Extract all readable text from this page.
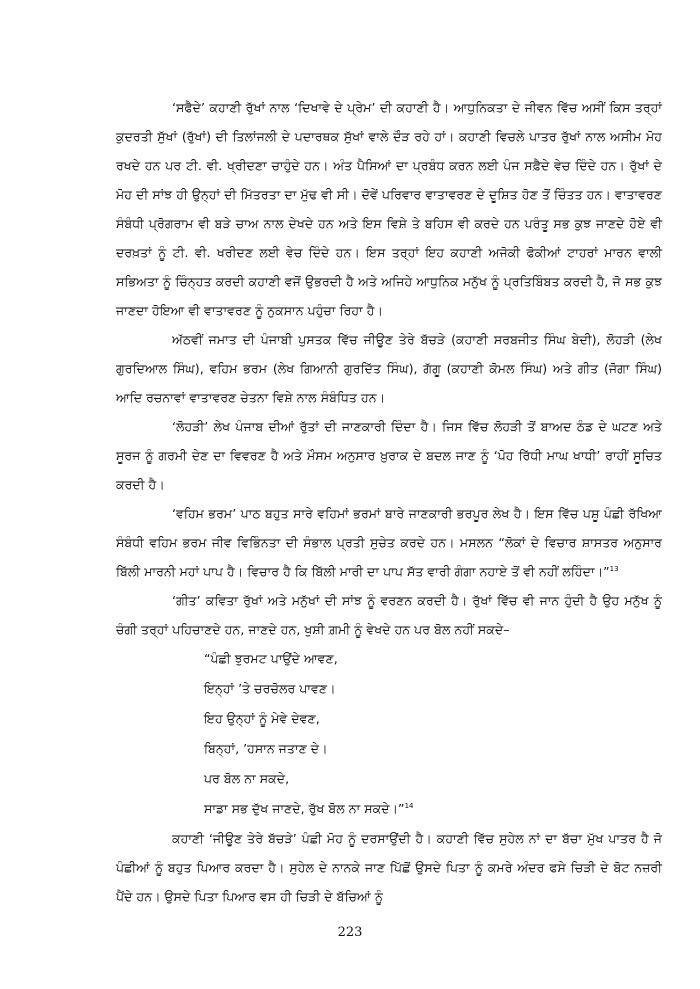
‘ਸਫੈਦੇ’ ਕਹਾਣੀ ਰੁੱਖਾਂ ਨਾਲ ‘ਦਿਖਾਵੇ ਦੇ ਪ੍ਰੇਮ’ ਦੀ ਕਹਾਣੀ ਹੈ। ਆਧੁਨਿਕਤਾ ਦੇ ਜੀਵਨ ਵਿੱਚ ਅਸੀਂ ਕਿਸ ਤਰ੍ਹਾਂ ਕੁਦਰਤੀ ਸੁੱਖਾਂ (ਰੁੱਖਾਂ) ਦੀ ਤਿਲਾਂਜਲੀ ਦੇ ਪਦਾਰਥਕ ਸੁੱਖਾਂ ਵਾਲੇ ਦੌੜ ਰਹੇ ਹਾਂ। ਕਹਾਣੀ ਵਿਚਲੇ ਪਾਤਰ ਰੁੱਖਾਂ ਨਾਲ ਅਸੀਮ ਮੋਹ ਰਖਦੇ ਹਨ ਪਰ ਟੀ. ਵੀ. ਖ੍ਰੀਦਣਾ ਚਾਹੁੰਦੇ ਹਨ। ਅੰਤ ਪੈਸਿਆਂ ਦਾ ਪ੍ਰਬੰਧ ਕਰਨ ਲਈ ਪੰਜ ਸਫ਼ੈਦੇ ਵੇਚ ਦਿੰਦੇ ਹਨ। ਰੁੱਖਾਂ ਦੇ ਮੋਹ ਦੀ ਸਾਂਝ ਹੀ ਉਨ੍ਹਾਂ ਦੀ ਮਿੱਤਰਤਾ ਦਾ ਮੁੱਢ ਵੀ ਸੀ। ਦੋਵੇਂ ਪਰਿਵਾਰ ਵਾਤਾਵਰਣ ਦੇ ਦੂਸ਼ਿਤ ਹੋਣ ਤੋਂ ਚਿੰਤਤ ਹਨ। ਵਾਤਾਵਰਣ ਸੰਬੰਧੀ ਪ੍ਰੋਗਰਾਮ ਵੀ ਬੜੇ ਚਾਅ ਨਾਲ ਦੇਖਦੇ ਹਨ ਅਤੇ ਇਸ ਵਿਸ਼ੇ ਤੇ ਬਹਿਸ ਵੀ ਕਰਦੇ ਹਨ ਪਰੰਤੂ ਸਭ ਕੁਝ ਜਾਣਦੇ ਹੋਏ ਵੀ ਦਰਖ਼ਤਾਂ ਨੂੰ ਟੀ. ਵੀ. ਖਰੀਦਣ ਲਈ ਵੇਚ ਦਿੰਦੇ ਹਨ। ਇਸ ਤਰ੍ਹਾਂ ਇਹ ਕਹਾਣੀ ਅਜੋਕੀ ਫੋਕੀਆਂ ਟਾਹਰਾਂ ਮਾਰਨ ਵਾਲੀ ਸਭਿਅਤਾ ਨੂੰ ਚਿੰਨ੍ਹਤ ਕਰਦੀ ਕਹਾਣੀ ਵਜੋਂ ਉਭਰਦੀ ਹੈ ਅਤੇ ਅਜਿਹੇ ਆਧੁਨਿਕ ਮਨੁੱਖ ਨੂੰ ਪ੍ਰਤਿਬਿੰਬਤ ਕਰਦੀ ਹੈ, ਜੋ ਸਭ ਕੁਝ ਜਾਣਦਾ ਹੋਇਆ ਵੀ ਵਾਤਾਵਰਣ ਨੂੰ ਨੁਕਸਾਨ ਪਹੁੰਚਾ ਰਿਹਾ ਹੈ।

ਅੱਠਵੀਂ ਜਮਾਤ ਦੀ ਪੰਜਾਬੀ ਪੁਸਤਕ ਵਿੱਚ ਜੀਊਣ ਤੇਰੇ ਬੱਚੜੇ (ਕਹਾਣੀ ਸਰਬਜੀਤ ਸਿੰਘ ਬੇਦੀ), ਲੋਹੜੀ (ਲੇਖ ਗੁਰਦਿਆਲ ਸਿੰਘ), ਵਹਿਮ ਭਰਮ (ਲੇਖ ਗਿਆਨੀ ਗੁਰਦਿੱਤ ਸਿੰਘ), ਗੱਗੂ (ਕਹਾਣੀ ਕੋਮਲ ਸਿੰਘ) ਅਤੇ ਗੀਤ (ਜੋਗਾ ਸਿੰਘ) ਆਦਿ ਰਚਨਾਵਾਂ ਵਾਤਾਵਰਣ ਚੇਤਨਾ ਵਿਸ਼ੇ ਨਾਲ ਸੰਬੰਧਿਤ ਹਨ।

‘ਲੋਹੜੀ’ ਲੇਖ ਪੰਜਾਬ ਦੀਆਂ ਰੁੱਤਾਂ ਦੀ ਜਾਣਕਾਰੀ ਦਿੰਦਾ ਹੈ। ਜਿਸ ਵਿੱਚ ਲੋਹੜੀ ਤੋਂ ਬਾਅਦ ਠੰਡ ਦੇ ਘਟਣ ਅਤੇ ਸੂਰਜ ਨੂੰ ਗਰਮੀ ਦੇਣ ਦਾ ਵਿਵਰਣ ਹੈ ਅਤੇ ਮੌਸਮ ਅਨੁਸਾਰ ਖ਼ੁਰਾਕ ਦੇ ਬਦਲ ਜਾਣ ਨੂੰ ‘ਪੋਹ ਰਿੱਧੀ ਮਾਘ ਖਾਧੀ’ ਰਾਹੀਂ ਸੂਚਿਤ ਕਰਦੀ ਹੈ।

‘ਵਹਿਮ ਭਰਮ’ ਪਾਠ ਬਹੁਤ ਸਾਰੇ ਵਹਿਮਾਂ ਭਰਮਾਂ ਬਾਰੇ ਜਾਣਕਾਰੀ ਭਰਪੂਰ ਲੇਖ ਹੈ। ਇਸ ਵਿੱਚ ਪਸ਼ੂ ਪੰਛੀ ਰੱਖਿਆ ਸੰਬੰਧੀ ਵਹਿਮ ਭਰਮ ਜੀਵ ਵਿਭਿੰਨਤਾ ਦੀ ਸੰਭਾਲ ਪ੍ਰਤੀ ਸੁਚੇਤ ਕਰਦੇ ਹਨ। ਮਸਲਨ “ਲੋਕਾਂ ਦੇ ਵਿਚਾਰ ਸ਼ਾਸਤਰ ਅਨੁਸਾਰ ਬਿੱਲੀ ਮਾਰਨੀ ਮਹਾਂ ਪਾਪ ਹੈ। ਵਿਚਾਰ ਹੈ ਕਿ ਬਿੱਲੀ ਮਾਰੀ ਦਾ ਪਾਪ ਸੱਤ ਵਾਰੀ ਗੰਗਾ ਨਹਾਏ ਤੋਂ ਵੀ ਨਹੀਂ ਲਹਿੰਦਾ।”$^{13}$

‘ਗੀਤ’ ਕਵਿਤਾ ਰੁੱਖਾਂ ਅਤੇ ਮਨੁੱਖਾਂ ਦੀ ਸਾਂਝ ਨੂੰ ਵਰਣਨ ਕਰਦੀ ਹੈ। ਰੁੱਖਾਂ ਵਿੱਚ ਵੀ ਜਾਨ ਹੁੰਦੀ ਹੈ ਉਹ ਮਨੁੱਖ ਨੂੰ ਚੰਗੀ ਤਰ੍ਹਾਂ ਪਹਿਚਾਣਦੇ ਹਨ, ਜਾਣਦੇ ਹਨ, ਖੁਸ਼ੀ ਗ਼ਮੀ ਨੂੰ ਵੇਖਦੇ ਹਨ ਪਰ ਬੋਲ ਨਹੀਂ ਸਕਦੇ–

“ਪੰਛੀ ਝੁਰਮਟ ਪਾਉਂਦੇ ਆਵਣ,
ਇਨ੍ਹਾਂ ’ਤੇ ਚਰਚੋਲਰ ਪਾਵਣ।
ਇਹ ਉਨ੍ਹਾਂ ਨੂੰ ਮੇਵੇ ਦੇਵਣ,
ਬਿਨ੍ਹਾਂ, ’ਹਸਾਨ ਜਤਾਣ ਦੇ।
ਪਰ ਬੋਲ ਨਾ ਸਕਦੇ,
ਸਾਡਾ ਸਭ ਦੁੱਖ ਜਾਣਦੇ, ਰੁੱਖ ਬੋਲ ਨਾ ਸਕਦੇ।”$^{14}$

ਕਹਾਣੀ ‘ਜੀਊਣ ਤੇਰੇ ਬੱਚੜੇ’ ਪੰਛੀ ਮੋਹ ਨੂੰ ਦਰਸਾਉਂਦੀ ਹੈ। ਕਹਾਣੀ ਵਿੱਚ ਸੁਹੇਲ ਨਾਂ ਦਾ ਬੱਚਾ ਮੁੱਖ ਪਾਤਰ ਹੈ ਜੋ ਪੰਛੀਆਂ ਨੂੰ ਬਹੁਤ ਪਿਆਰ ਕਰਦਾ ਹੈ। ਸੁਹੇਲ ਦੇ ਨਾਨਕੇ ਜਾਣ ਪਿੱਛੋਂ ਉਸਦੇ ਪਿਤਾ ਨੂੰ ਕਮਰੇ ਅੰਦਰ ਫਸੇ ਚਿੜੀ ਦੇ ਬੋਟ ਨਜ਼ਰੀ ਪੈਂਦੇ ਹਨ। ਉਸਦੇ ਪਿਤਾ ਪਿਆਰ ਵਸ ਹੀ ਚਿੜੀ ਦੇ ਬੱਚਿਆਂ ਨੂੰ

223
